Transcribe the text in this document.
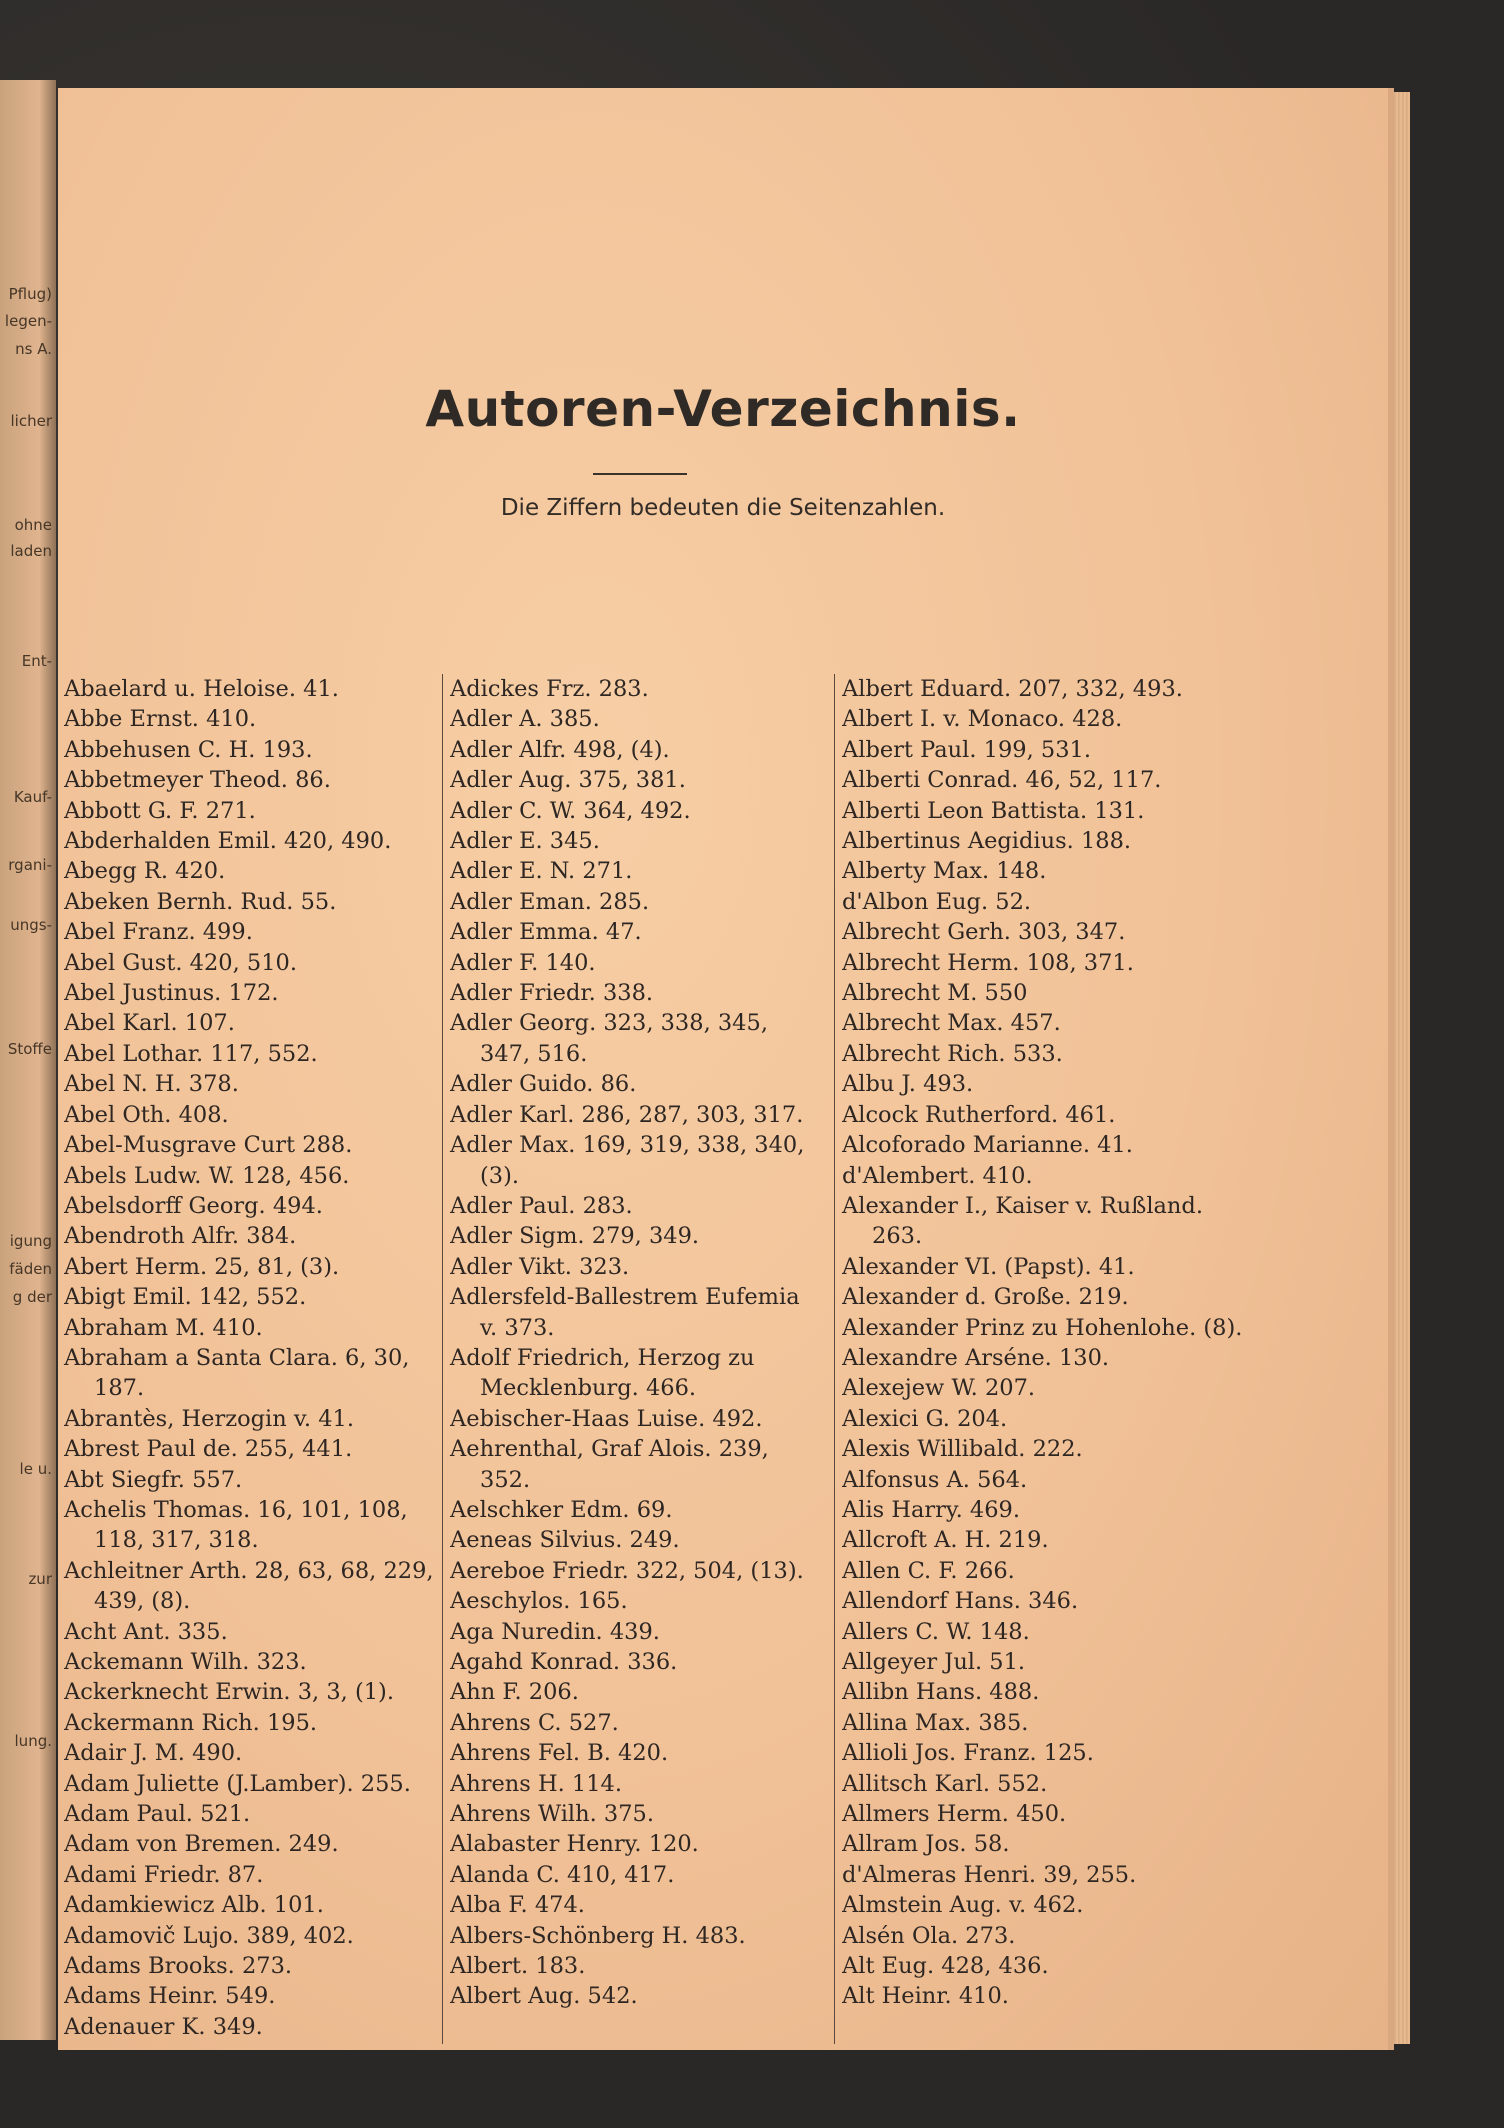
Pflug)
legen-
ns A.
licher
ohne
laden
Ent-
Kauf-
rgani-
ungs-
Stoffe
igung
fäden
g der
le u.
zur
lung.
Autoren-Verzeichnis.
Die Ziffern bedeuten die Seitenzahlen.
Abaelard u. Heloise. 41.
Abbe Ernst. 410.
Abbehusen C. H. 193.
Abbetmeyer Theod. 86.
Abbott G. F. 271.
Abderhalden Emil. 420, 490.
Abegg R. 420.
Abeken Bernh. Rud. 55.
Abel Franz. 499.
Abel Gust. 420, 510.
Abel Justinus. 172.
Abel Karl. 107.
Abel Lothar. 117, 552.
Abel N. H. 378.
Abel Oth. 408.
Abel-Musgrave Curt 288.
Abels Ludw. W. 128, 456.
Abelsdorff Georg. 494.
Abendroth Alfr. 384.
Abert Herm. 25, 81, (3).
Abigt Emil. 142, 552.
Abraham M. 410.
Abraham a Santa Clara. 6, 30, 187.
Abrantès, Herzogin v. 41.
Abrest Paul de. 255, 441.
Abt Siegfr. 557.
Achelis Thomas. 16, 101, 108, 118, 317, 318.
Achleitner Arth. 28, 63, 68, 229, 439, (8).
Acht Ant. 335.
Ackemann Wilh. 323.
Ackerknecht Erwin. 3, 3, (1).
Ackermann Rich. 195.
Adair J. M. 490.
Adam Juliette (J.Lamber). 255.
Adam Paul. 521.
Adam von Bremen. 249.
Adami Friedr. 87.
Adamkiewicz Alb. 101.
Adamovič Lujo. 389, 402.
Adams Brooks. 273.
Adams Heinr. 549.
Adenauer K. 349.
Adickes Frz. 283.
Adler A. 385.
Adler Alfr. 498, (4).
Adler Aug. 375, 381.
Adler C. W. 364, 492.
Adler E. 345.
Adler E. N. 271.
Adler Eman. 285.
Adler Emma. 47.
Adler F. 140.
Adler Friedr. 338.
Adler Georg. 323, 338, 345, 347, 516.
Adler Guido. 86.
Adler Karl. 286, 287, 303, 317.
Adler Max. 169, 319, 338, 340, (3).
Adler Paul. 283.
Adler Sigm. 279, 349.
Adler Vikt. 323.
Adlersfeld-Ballestrem Eufemia v. 373.
Adolf Friedrich, Herzog zu Mecklenburg. 466.
Aebischer-Haas Luise. 492.
Aehrenthal, Graf Alois. 239, 352.
Aelschker Edm. 69.
Aeneas Silvius. 249.
Aereboe Friedr. 322, 504, (13).
Aeschylos. 165.
Aga Nuredin. 439.
Agahd Konrad. 336.
Ahn F. 206.
Ahrens C. 527.
Ahrens Fel. B. 420.
Ahrens H. 114.
Ahrens Wilh. 375.
Alabaster Henry. 120.
Alanda C. 410, 417.
Alba F. 474.
Albers-Schönberg H. 483.
Albert. 183.
Albert Aug. 542.
Albert Eduard. 207, 332, 493.
Albert I. v. Monaco. 428.
Albert Paul. 199, 531.
Alberti Conrad. 46, 52, 117.
Alberti Leon Battista. 131.
Albertinus Aegidius. 188.
Alberty Max. 148.
d'Albon Eug. 52.
Albrecht Gerh. 303, 347.
Albrecht Herm. 108, 371.
Albrecht M. 550
Albrecht Max. 457.
Albrecht Rich. 533.
Albu J. 493.
Alcock Rutherford. 461.
Alcoforado Marianne. 41.
d'Alembert. 410.
Alexander I., Kaiser v. Rußland. 263.
Alexander VI. (Papst). 41.
Alexander d. Große. 219.
Alexander Prinz zu Hohenlohe. (8).
Alexandre Arséne. 130.
Alexejew W. 207.
Alexici G. 204.
Alexis Willibald. 222.
Alfonsus A. 564.
Alis Harry. 469.
Allcroft A. H. 219.
Allen C. F. 266.
Allendorf Hans. 346.
Allers C. W. 148.
Allgeyer Jul. 51.
Allibn Hans. 488.
Allina Max. 385.
Allioli Jos. Franz. 125.
Allitsch Karl. 552.
Allmers Herm. 450.
Allram Jos. 58.
d'Almeras Henri. 39, 255.
Almstein Aug. v. 462.
Alsén Ola. 273.
Alt Eug. 428, 436.
Alt Heinr. 410.
